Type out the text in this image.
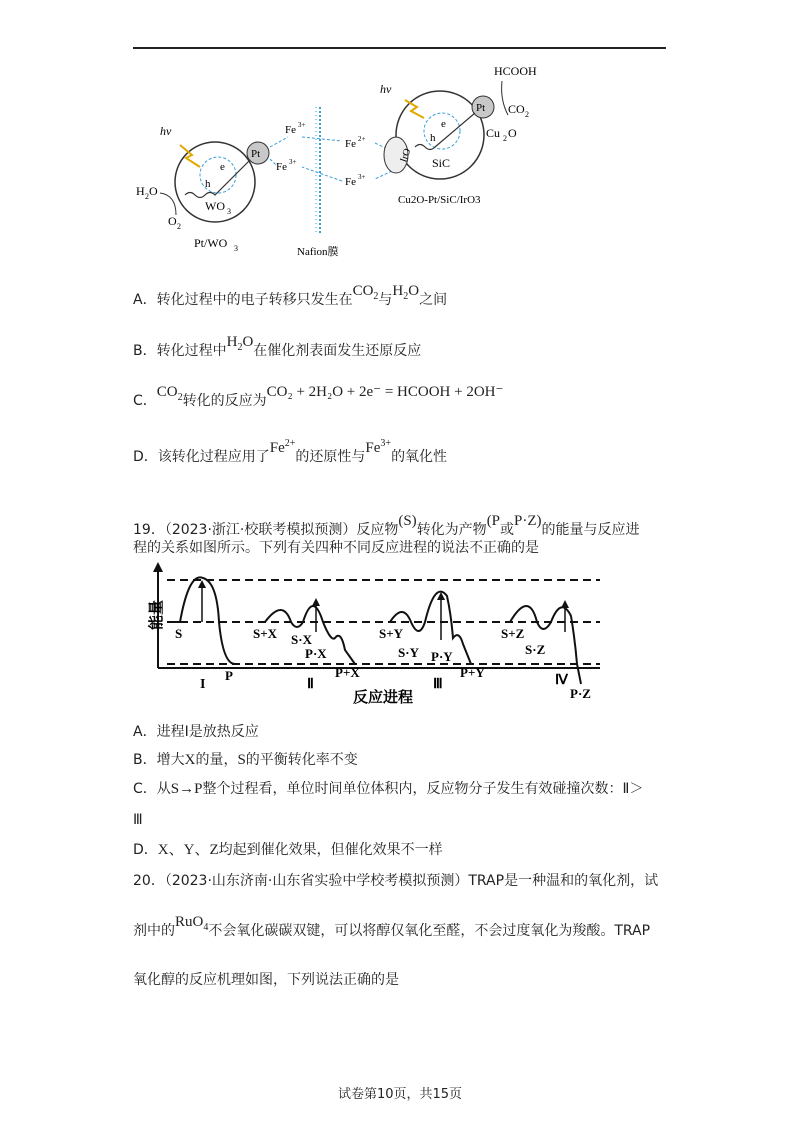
hν
Pt
e
h
WO 3
H 2 O
O 2
Pt/WO 3
Fe 3+
Fe 3+
Nafion膜
Fe 2+
Fe 3+
hν
Pt
e
h
SiC
IrO
HCOOH
CO 2
Cu 2 O
Cu2O-Pt/SiC/IrO3
A．转化过程中的电子转移只发生在$CO_2$与$H_2O$之间
B．转化过程中$H_2O$在催化剂表面发生还原反应
C．$CO_2$转化的反应为CO₂ + 2H₂O + 2e⁻ = HCOOH + 2OH⁻
D．该转化过程应用了$Fe^{2+}$的还原性与$Fe^{3+}$的氧化性
19．（2023·浙江·校联考模拟预测）反应物(S)转化为产物(P或P·Z)的能量与反应进
程的关系如图所示。下列有关四种不同反应进程的说法不正确的是
能量
S
P
I
S+X S·X
P·X
P+X
Ⅱ
S+Y
S·Y P·Y
P+Y
Ⅲ
S+Z
S·Z
Ⅳ
P·Z
反应进程
A．进程Ⅰ是放热反应
B．增大X的量，S的平衡转化率不变
C．从S→P整个过程看，单位时间单位体积内，反应物分子发生有效碰撞次数：Ⅱ＞
Ⅲ
D．X、Y、Z均起到催化效果，但催化效果不一样
20．（2023·山东济南·山东省实验中学校考模拟预测）TRAP是一种温和的氧化剂，试
剂中的RuO$_4$不会氧化碳碳双键，可以将醇仅氧化至醛，不会过度氧化为羧酸。TRAP
氧化醇的反应机理如图，下列说法正确的是
试卷第10页，共15页
